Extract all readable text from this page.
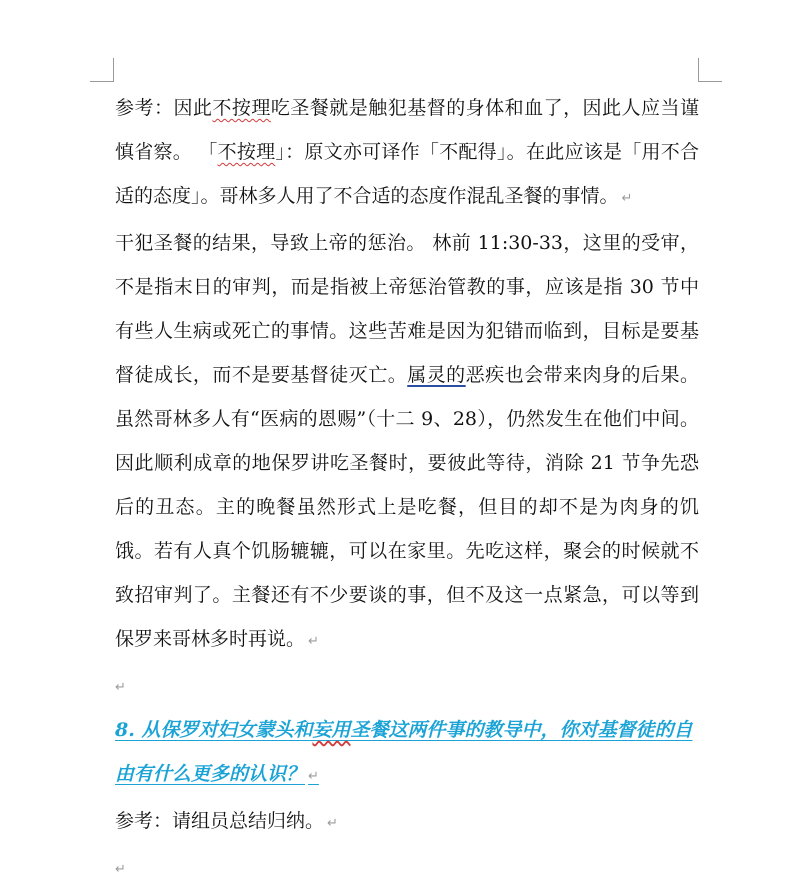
参考：因此不按理吃圣餐就是触犯基督的身体和血了，因此人应当谨慎省察。 「不按理」：原文亦可译作「不配得」。在此应该是「用不合适的态度」。哥林多人用了不合适的态度作混乱圣餐的事情。 ↵

干犯圣餐的结果，导致上帝的惩治。 林前 11:30-33，这里的受审，不是指末日的审判，而是指被上帝惩治管教的事，应该是指 30 节中有些人生病或死亡的事情。这些苦难是因为犯错而临到，目标是要基督徒成长，而不是要基督徒灭亡。属灵的恶疾也会带来肉身的后果。虽然哥林多人有“医病的恩赐”（十二 9、28），仍然发生在他们中间。因此顺利成章的地保罗讲吃圣餐时，要彼此等待，消除 21 节争先恐后的丑态。主的晚餐虽然形式上是吃餐，但目的却不是为肉身的饥饿。若有人真个饥肠辘辘，可以在家里。先吃这样，聚会的时候就不致招审判了。主餐还有不少要谈的事，但不及这一点紧急，可以等到保罗来哥林多时再说。 ↵

↵

8. 从保罗对妇女蒙头和妄用圣餐这两件事的教导中，你对基督徒的自由有什么更多的认识？ ↵

参考：请组员总结归纳。 ↵

↵
